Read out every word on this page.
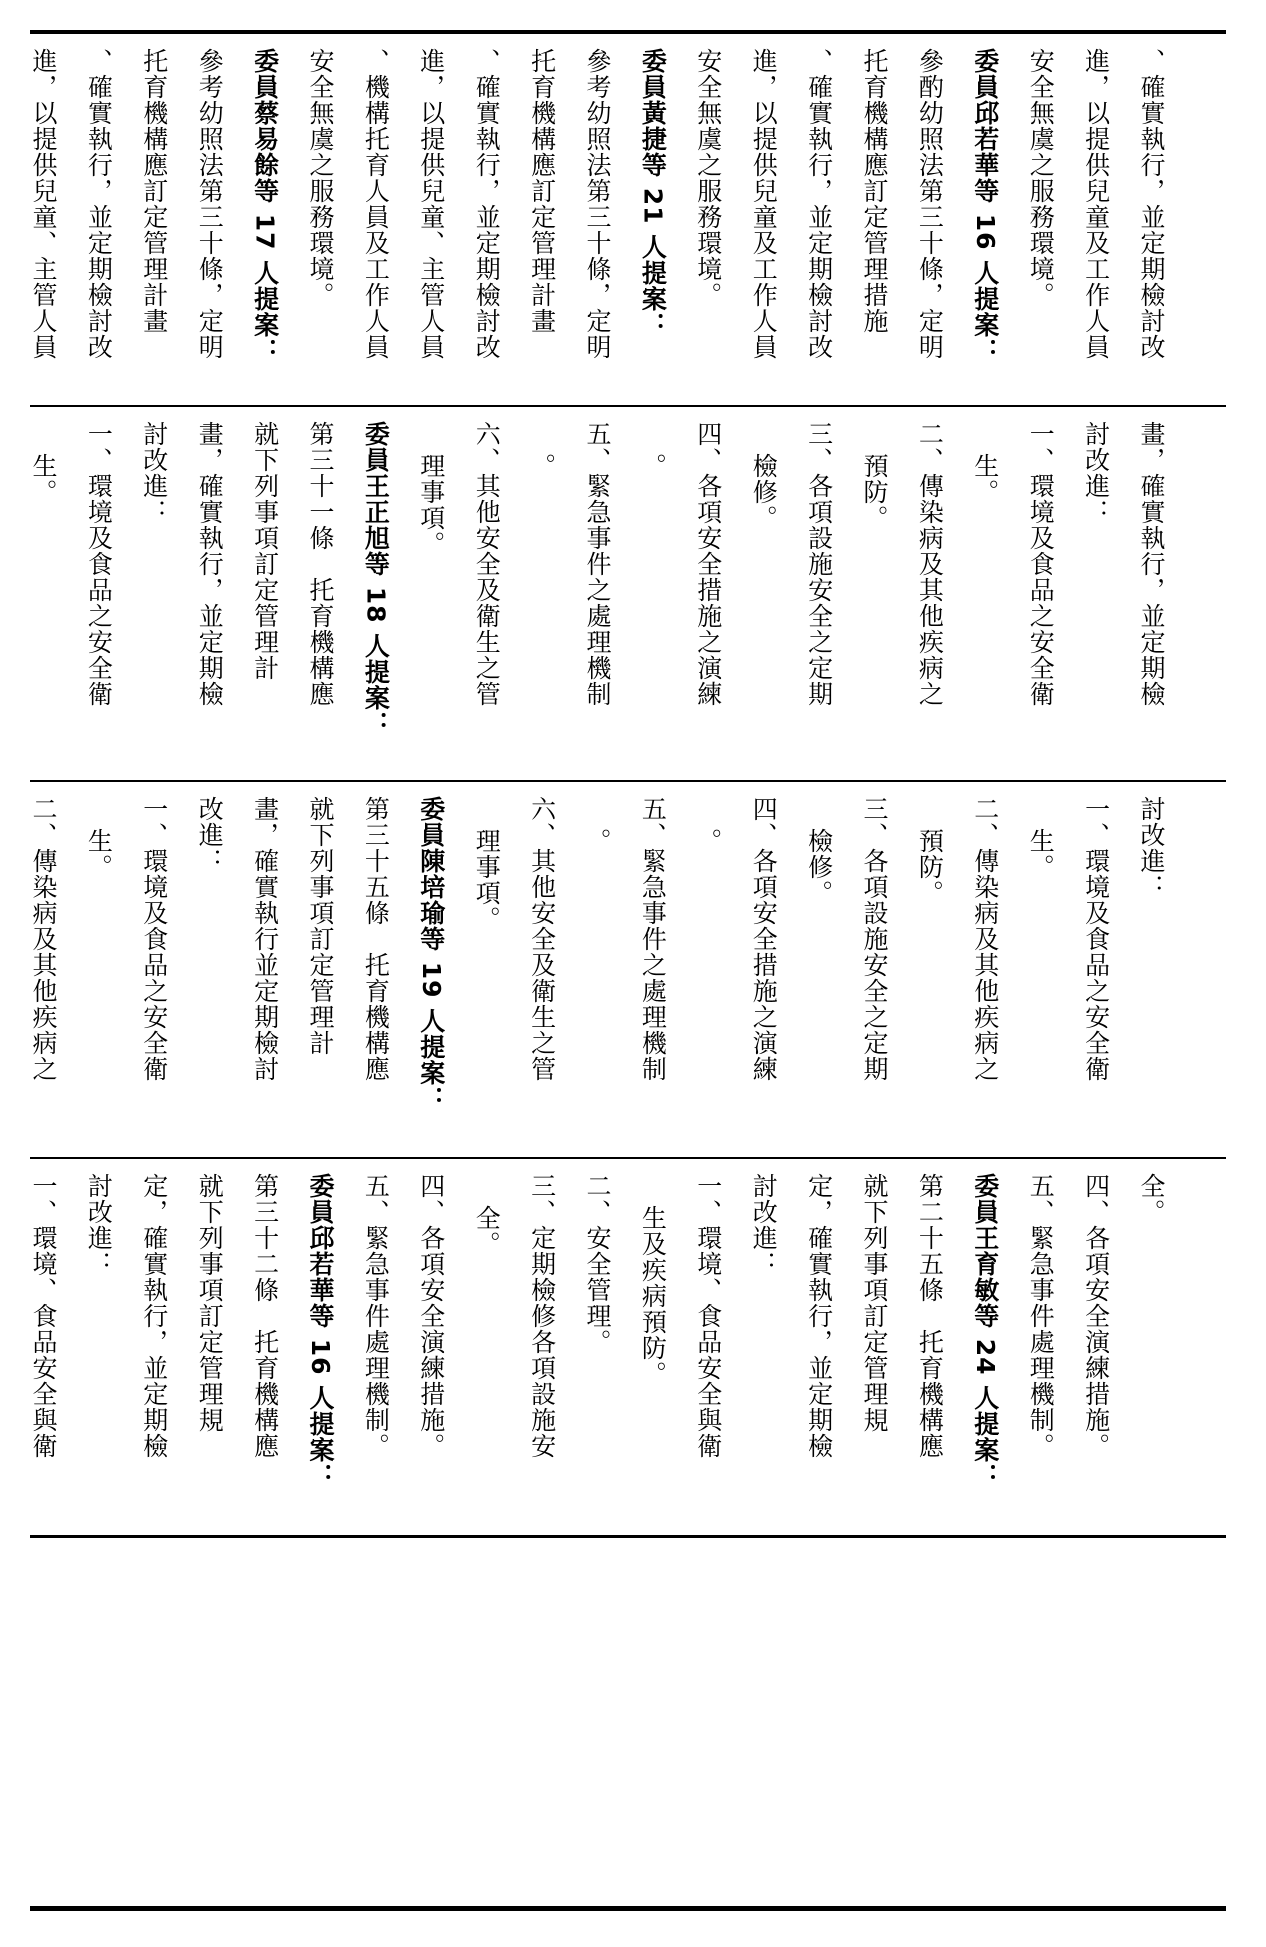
、確實執行，並定期檢討改
進，以提供兒童及工作人員
安全無虞之服務環境。
委員邱若華等 16 人提案：
參酌幼照法第三十條，定明
托育機構應訂定管理措施
、確實執行，並定期檢討改
進，以提供兒童及工作人員
安全無虞之服務環境。
委員黃捷等 21 人提案：
參考幼照法第三十條，定明
托育機構應訂定管理計畫
、確實執行，並定期檢討改
進，以提供兒童、主管人員
、機構托育人員及工作人員
安全無虞之服務環境。
委員蔡易餘等 17 人提案：
參考幼照法第三十條，定明
托育機構應訂定管理計畫
、確實執行，並定期檢討改
進，以提供兒童、主管人員
畫，確實執行，並定期檢
討改進：
一、環境及食品之安全衛
生。
二、傳染病及其他疾病之
預防。
三、各項設施安全之定期
檢修。
四、各項安全措施之演練
。
五、緊急事件之處理機制
。
六、其他安全及衛生之管
理事項。
委員王正旭等 18 人提案：
第三十一條　托育機構應
就下列事項訂定管理計
畫，確實執行，並定期檢
討改進：
一、環境及食品之安全衛
生。
討改進：
一、環境及食品之安全衛
生。
二、傳染病及其他疾病之
預防。
三、各項設施安全之定期
檢修。
四、各項安全措施之演練
。
五、緊急事件之處理機制
。
六、其他安全及衛生之管
理事項。
委員陳培瑜等 19 人提案：
第三十五條　托育機構應
就下列事項訂定管理計
畫，確實執行並定期檢討
改進：
一、環境及食品之安全衛
生。
二、傳染病及其他疾病之
全。
四、各項安全演練措施。
五、緊急事件處理機制。
委員王育敏等 24 人提案：
第二十五條　托育機構應
就下列事項訂定管理規
定，確實執行，並定期檢
討改進：
一、環境、食品安全與衛
生及疾病預防。
二、安全管理。
三、定期檢修各項設施安
全。
四、各項安全演練措施。
五、緊急事件處理機制。
委員邱若華等 16 人提案：
第三十二條　托育機構應
就下列事項訂定管理規
定，確實執行，並定期檢
討改進：
一、環境、食品安全與衛
